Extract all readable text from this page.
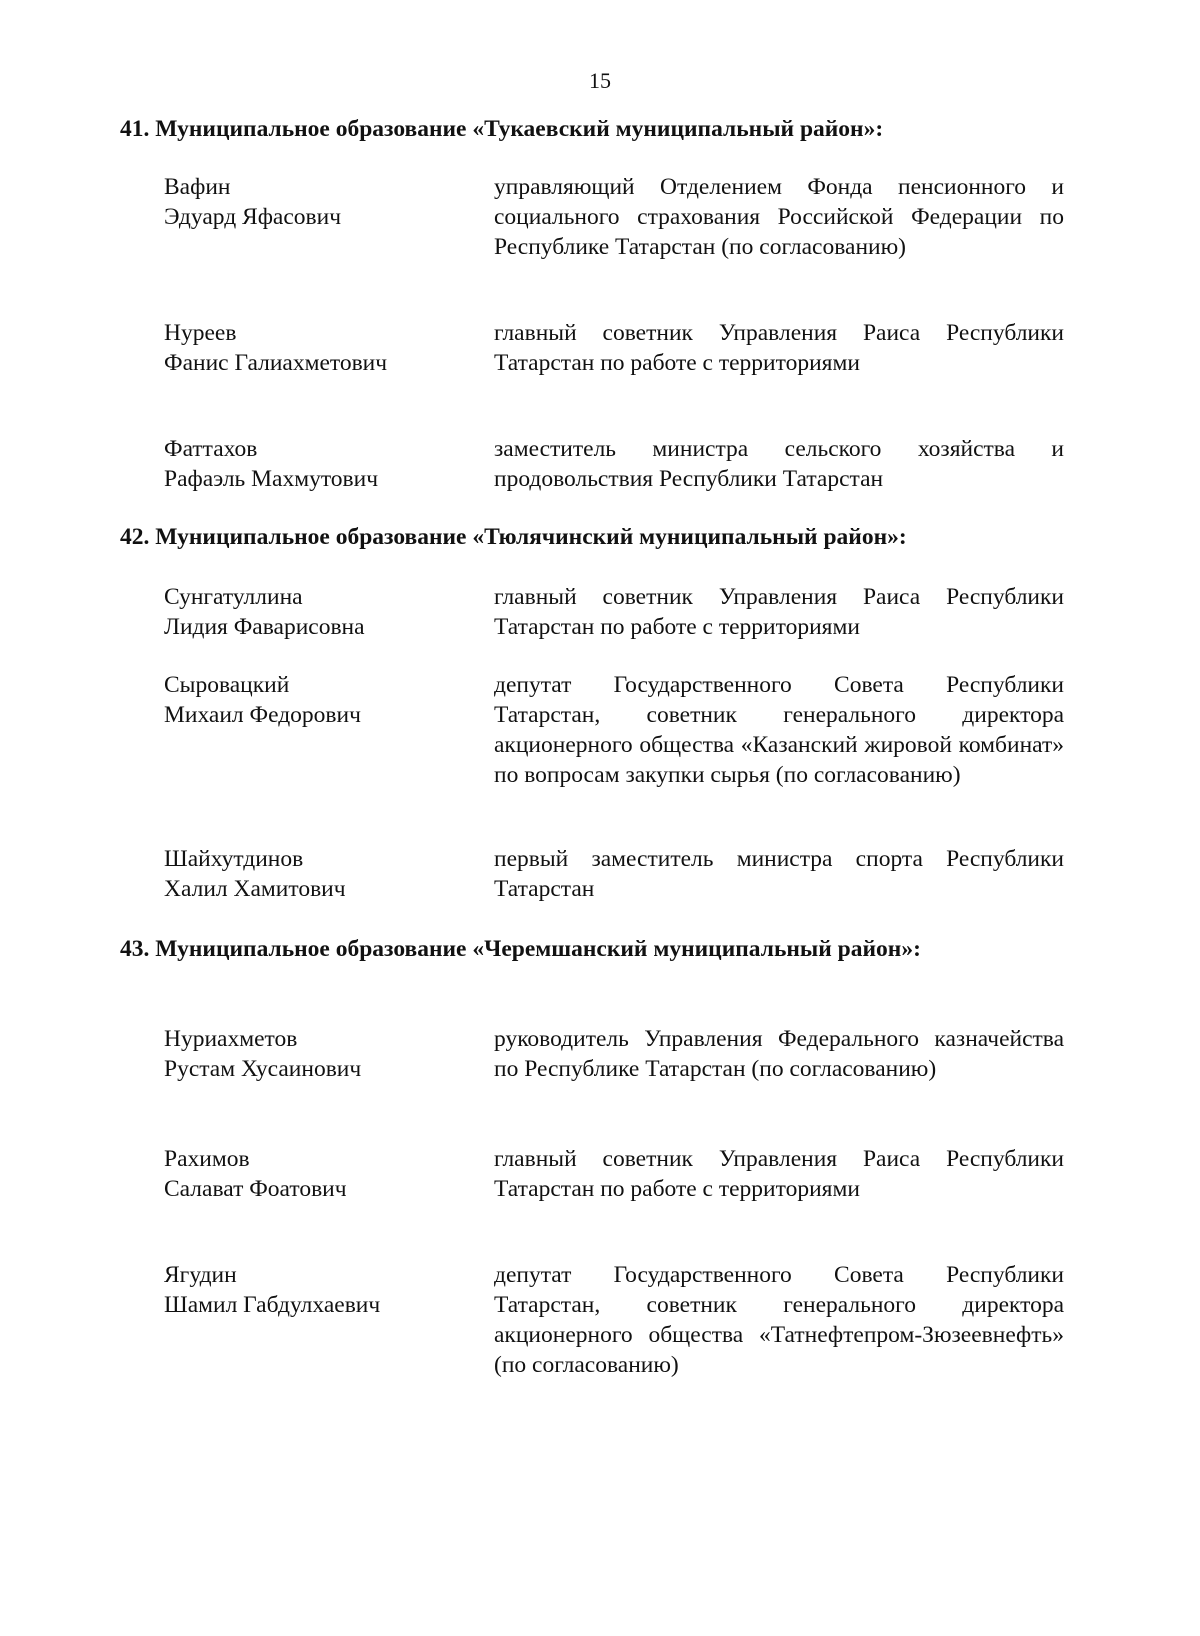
15
41. Муниципальное образование «Тукаевский муниципальный район»:
Вафин
Эдуард Яфасович
управляющий Отделением Фонда пенсионного и социального страхования Российской Федерации по Республике Татарстан (по согласованию)
Нуреев
Фанис Галиахметович
главный советник Управления Раиса Республики Татарстан по работе с территориями
Фаттахов
Рафаэль Махмутович
заместитель министра сельского хозяйства и продовольствия Республики Татарстан
42. Муниципальное образование «Тюлячинский муниципальный район»:
Сунгатуллина
Лидия Фаварисовна
главный советник Управления Раиса Республики Татарстан по работе с территориями
Сыровацкий
Михаил Федорович
депутат Государственного Совета Республики Татарстан, советник генерального директора акционерного общества «Казанский жировой комбинат» по вопросам закупки сырья (по согласованию)
Шайхутдинов
Халил Хамитович
первый заместитель министра спорта Республики Татарстан
43. Муниципальное образование «Черемшанский муниципальный район»:
Нуриахметов
Рустам Хусаинович
руководитель Управления Федерального казначейства по Республике Татарстан (по согласованию)
Рахимов
Салават Фоатович
главный советник Управления Раиса Республики Татарстан по работе с территориями
Ягудин
Шамил Габдулхаевич
депутат Государственного Совета Республики Татарстан, советник генерального директора акционерного общества «Татнефтепром-Зюзеевнефть» (по согласованию)
